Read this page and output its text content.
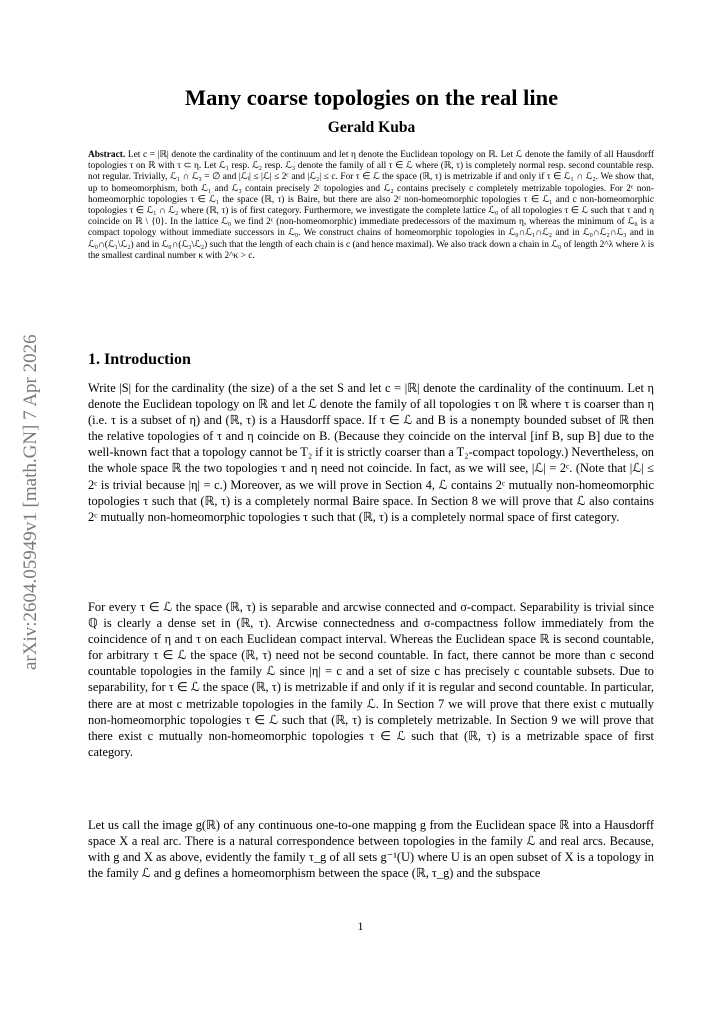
arXiv:2604.05949v1 [math.GN] 7 Apr 2026
Many coarse topologies on the real line
Gerald Kuba
Abstract. Let c = |ℝ| denote the cardinality of the continuum and let η denote the Euclidean topology on ℝ. Let ℒ denote the family of all Hausdorff topologies τ on ℝ with τ ⊂ η. Let ℒ₁ resp. ℒ₂ resp. ℒ₃ denote the family of all τ ∈ ℒ where (ℝ, τ) is completely normal resp. second countable resp. not regular. Trivially, ℒ₁ ∩ ℒ₃ = ∅ and |ℒᵢ| ≤ |ℒ| ≤ 2ᶜ and |ℒ₂| ≤ c. For τ ∈ ℒ the space (ℝ, τ) is metrizable if and only if τ ∈ ℒ₁ ∩ ℒ₂. We show that, up to homeomorphism, both ℒ₁ and ℒ₃ contain precisely 2ᶜ topologies and ℒ₂ contains precisely c completely metrizable topologies. For 2ᶜ non-homeomorphic topologies τ ∈ ℒ₁ the space (ℝ, τ) is Baire, but there are also 2ᶜ non-homeomorphic topologies τ ∈ ℒ₁ and c non-homeomorphic topologies τ ∈ ℒ₁ ∩ ℒ₂ where (ℝ, τ) is of first category. Furthermore, we investigate the complete lattice ℒ₀ of all topologies τ ∈ ℒ such that τ and η coincide on ℝ \ {0}. In the lattice ℒ₀ we find 2ᶜ (non-homeomorphic) immediate predecessors of the maximum η, whereas the minimum of ℒ₀ is a compact topology without immediate successors in ℒ₀. We construct chains of homeomorphic topologies in ℒ₀∩ℒ₁∩ℒ₂ and in ℒ₀∩ℒ₂∩ℒ₃ and in ℒ₀∩(ℒ₁\ℒ₂) and in ℒ₀∩(ℒ₃\ℒ₂) such that the length of each chain is c (and hence maximal). We also track down a chain in ℒ₀ of length 2^λ where λ is the smallest cardinal number κ with 2^κ > c.
1. Introduction
Write |S| for the cardinality (the size) of a the set S and let c = |ℝ| denote the cardinality of the continuum. Let η denote the Euclidean topology on ℝ and let ℒ denote the family of all topologies τ on ℝ where τ is coarser than η (i.e. τ is a subset of η) and (ℝ, τ) is a Hausdorff space. If τ ∈ ℒ and B is a nonempty bounded subset of ℝ then the relative topologies of τ and η coincide on B. (Because they coincide on the interval [inf B, sup B] due to the well-known fact that a topology cannot be T₂ if it is strictly coarser than a T₂-compact topology.) Nevertheless, on the whole space ℝ the two topologies τ and η need not coincide. In fact, as we will see, |ℒ| = 2ᶜ. (Note that |ℒ| ≤ 2ᶜ is trivial because |η| = c.) Moreover, as we will prove in Section 4, ℒ contains 2ᶜ mutually non-homeomorphic topologies τ such that (ℝ, τ) is a completely normal Baire space. In Section 8 we will prove that ℒ also contains 2ᶜ mutually non-homeomorphic topologies τ such that (ℝ, τ) is a completely normal space of first category.
For every τ ∈ ℒ the space (ℝ, τ) is separable and arcwise connected and σ-compact. Separability is trivial since ℚ is clearly a dense set in (ℝ, τ). Arcwise connectedness and σ-compactness follow immediately from the coincidence of η and τ on each Euclidean compact interval. Whereas the Euclidean space ℝ is second countable, for arbitrary τ ∈ ℒ the space (ℝ, τ) need not be second countable. In fact, there cannot be more than c second countable topologies in the family ℒ since |η| = c and a set of size c has precisely c countable subsets. Due to separability, for τ ∈ ℒ the space (ℝ, τ) is metrizable if and only if it is regular and second countable. In particular, there are at most c metrizable topologies in the family ℒ. In Section 7 we will prove that there exist c mutually non-homeomorphic topologies τ ∈ ℒ such that (ℝ, τ) is completely metrizable. In Section 9 we will prove that there exist c mutually non-homeomorphic topologies τ ∈ ℒ such that (ℝ, τ) is a metrizable space of first category.
Let us call the image g(ℝ) of any continuous one-to-one mapping g from the Euclidean space ℝ into a Hausdorff space X a real arc. There is a natural correspondence between topologies in the family ℒ and real arcs. Because, with g and X as above, evidently the family τ_g of all sets g⁻¹(U) where U is an open subset of X is a topology in the family ℒ and g defines a homeomorphism between the space (ℝ, τ_g) and the subspace
1
